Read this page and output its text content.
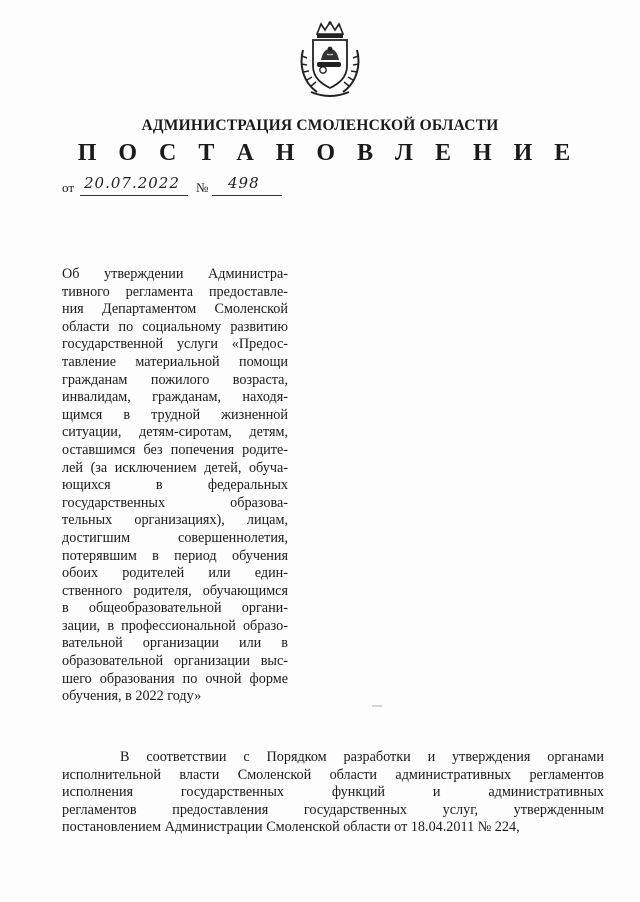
АДМИНИСТРАЦИЯ СМОЛЕНСКОЙ ОБЛАСТИ
П О С Т А Н О В Л Е Н И Е
от 20.07.2022 № 498
Об утверждении Администра-
тивного регламента предоставле-
ния Департаментом Смоленской
области по социальному развитию
государственной услуги «Предос-
тавление материальной помощи
гражданам пожилого возраста,
инвалидам, гражданам, находя-
щимся в трудной жизненной
ситуации, детям-сиротам, детям,
оставшимся без попечения родите-
лей (за исключением детей, обуча-
ющихся в федеральных
государственных образова-
тельных организациях), лицам,
достигшим совершеннолетия,
потерявшим в период обучения
обоих родителей или един-
ственного родителя, обучающимся
в общеобразовательной органи-
зации, в профессиональной образо-
вательной организации или в
образовательной организации выс-
шего образования по очной форме
обучения, в 2022 году»
В соответствии с Порядком разработки и утверждения органами
исполнительной власти Смоленской области административных регламентов
исполнения государственных функций и административных
регламентов предоставления государственных услуг, утвержденным
постановлением Администрации Смоленской области от 18.04.2011 № 224,
